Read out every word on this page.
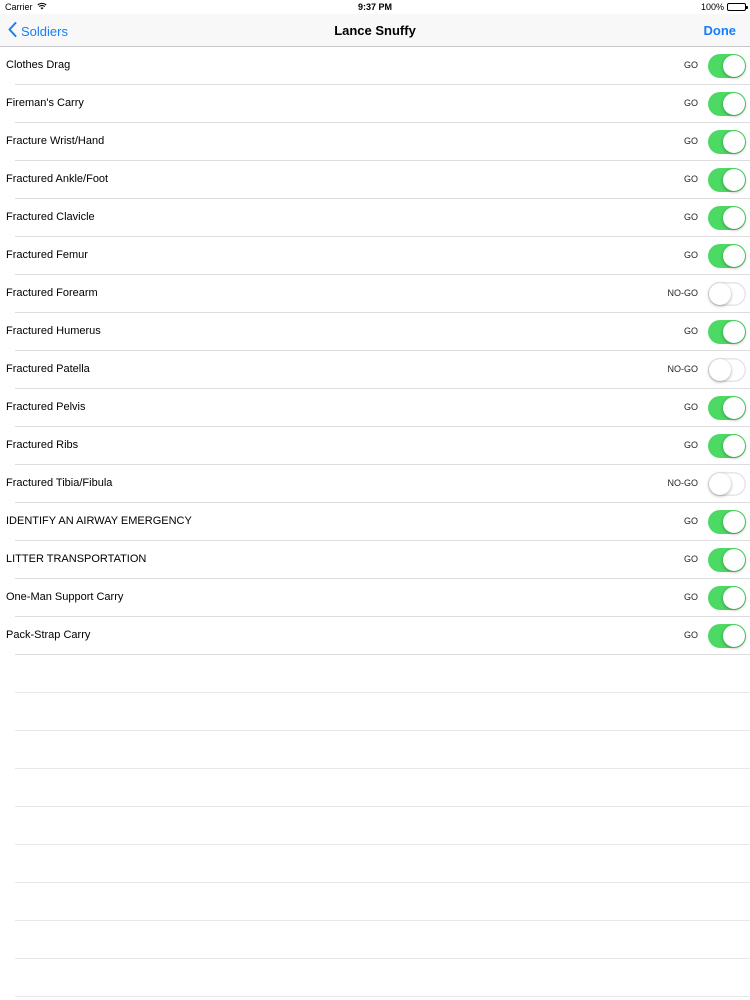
Carrier	9:37 PM	100%
Soldiers	Lance Snuffy	Done
Clothes Drag	GO
Fireman's Carry	GO
Fracture Wrist/Hand	GO
Fractured Ankle/Foot	GO
Fractured Clavicle	GO
Fractured Femur	GO
Fractured Forearm	NO-GO
Fractured Humerus	GO
Fractured Patella	NO-GO
Fractured Pelvis	GO
Fractured Ribs	GO
Fractured Tibia/Fibula	NO-GO
IDENTIFY AN AIRWAY EMERGENCY	GO
LITTER TRANSPORTATION	GO
One-Man Support Carry	GO
Pack-Strap Carry	GO
